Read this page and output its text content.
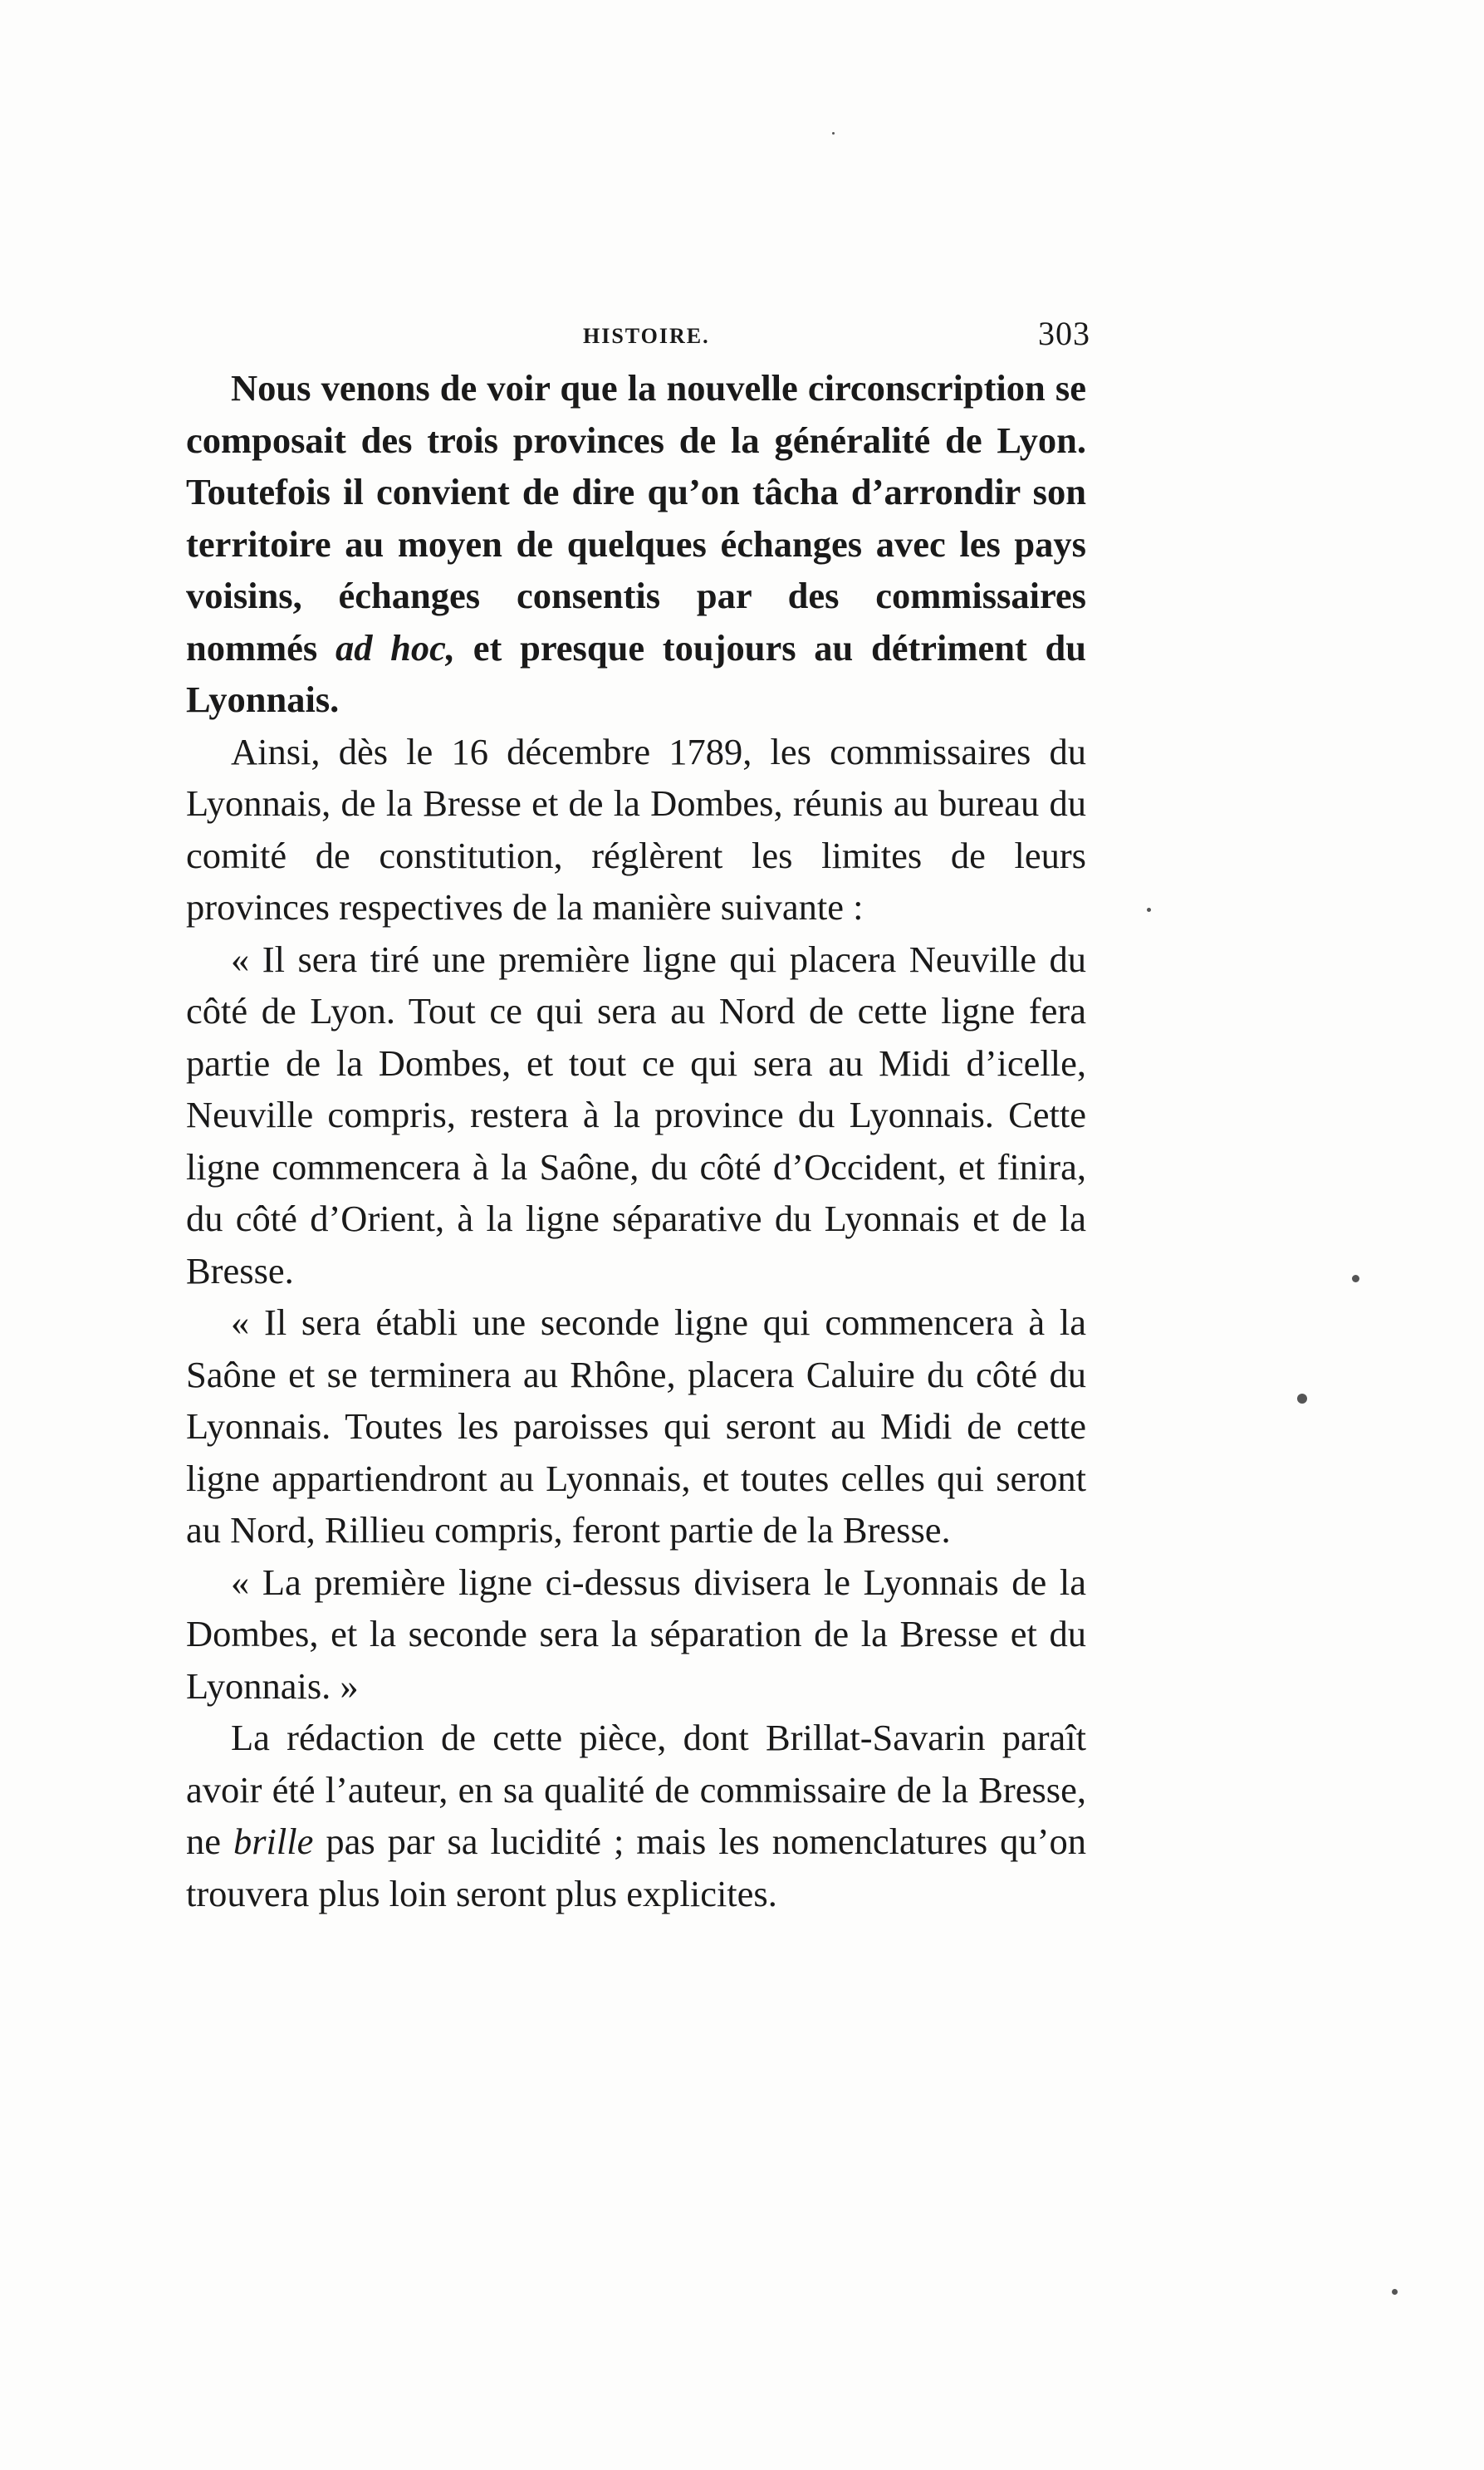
HISTOIRE.	303

Nous venons de voir que la nouvelle circonscription se composait des trois provinces de la généralité de Lyon. Toutefois il convient de dire qu’on tâcha d’arrondir son territoire au moyen de quelques échanges avec les pays voisins, échanges consentis par des commissaires nommés ad hoc, et presque toujours au détriment du Lyonnais.

Ainsi, dès le 16 décembre 1789, les commissaires du Lyonnais, de la Bresse et de la Dombes, réunis au bureau du comité de constitution, réglèrent les limites de leurs provinces respectives de la manière suivante :

« Il sera tiré une première ligne qui placera Neuville du côté de Lyon. Tout ce qui sera au Nord de cette ligne fera partie de la Dombes, et tout ce qui sera au Midi d’icelle, Neuville compris, restera à la province du Lyonnais. Cette ligne commencera à la Saône, du côté d’Occident, et finira, du côté d’Orient, à la ligne séparative du Lyonnais et de la Bresse.

« Il sera établi une seconde ligne qui commencera à la Saône et se terminera au Rhône, placera Caluire du côté du Lyonnais. Toutes les paroisses qui seront au Midi de cette ligne appartiendront au Lyonnais, et toutes celles qui seront au Nord, Rillieu compris, feront partie de la Bresse.

« La première ligne ci-dessus divisera le Lyonnais de la Dombes, et la seconde sera la séparation de la Bresse et du Lyonnais. »

La rédaction de cette pièce, dont Brillat-Savarin paraît avoir été l’auteur, en sa qualité de commissaire de la Bresse, ne brille pas par sa lucidité ; mais les nomenclatures qu’on trouvera plus loin seront plus explicites.
